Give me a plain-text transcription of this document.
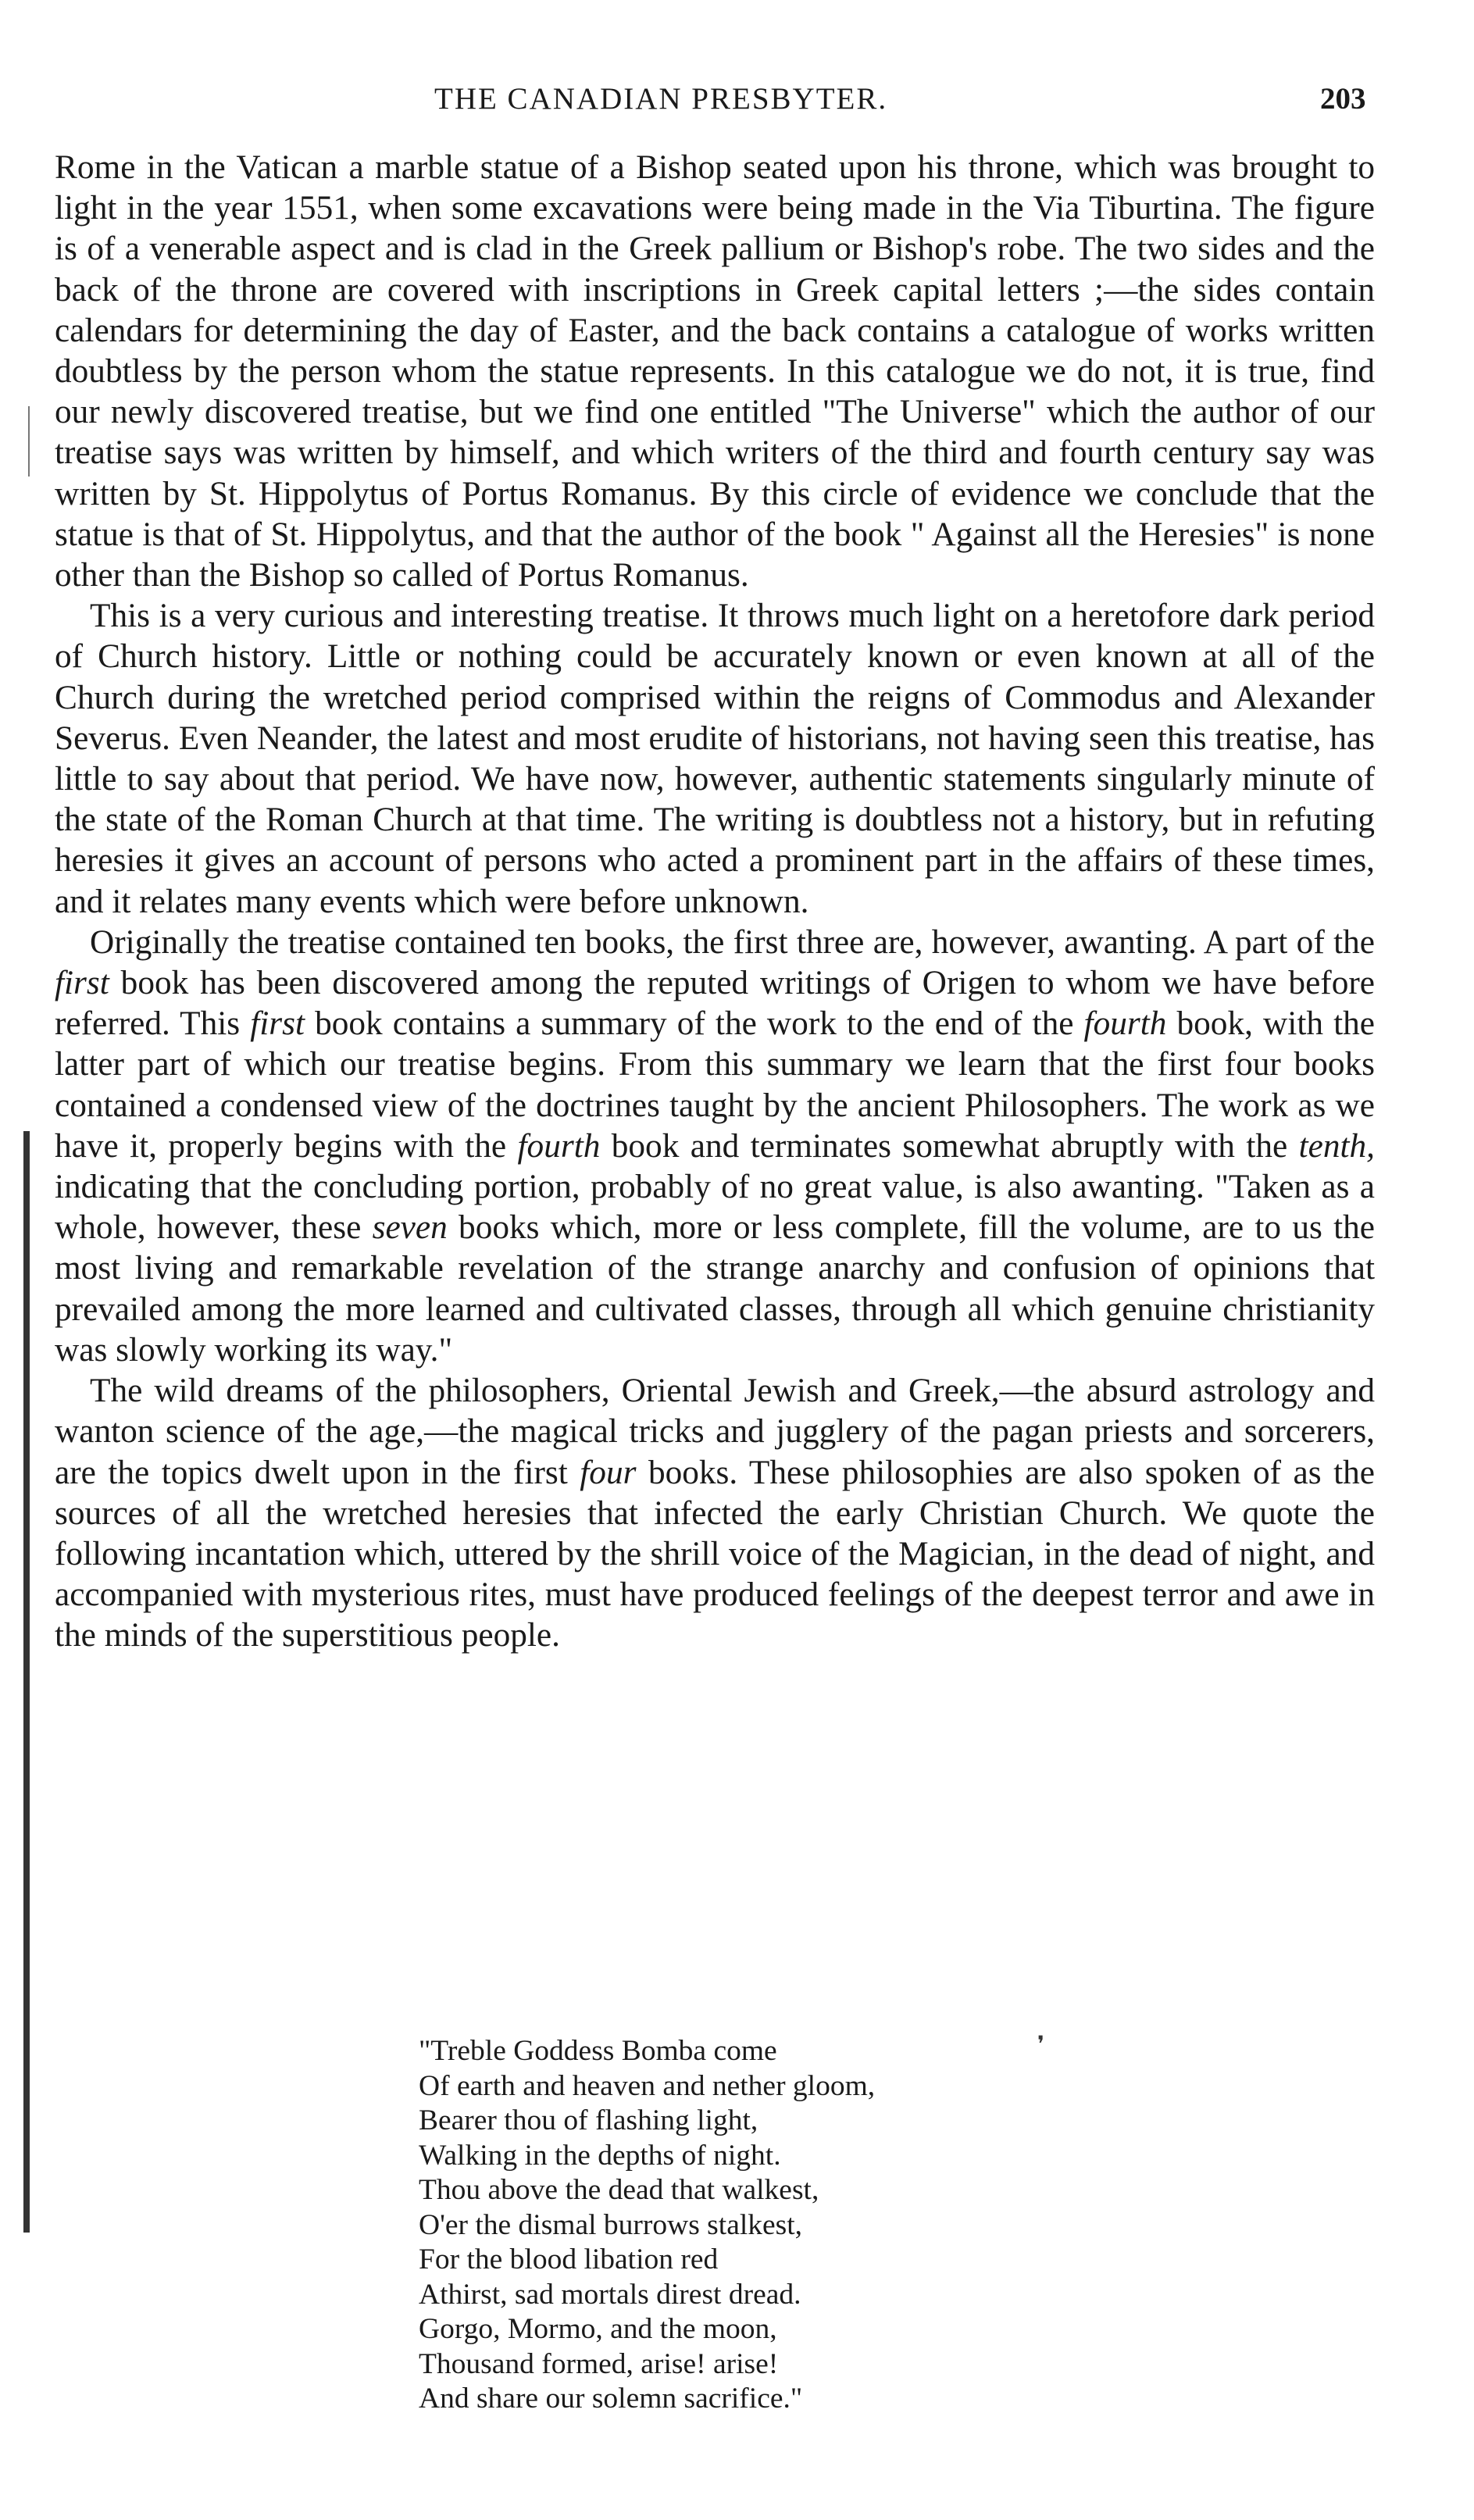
THE CANADIAN PRESBYTER.	203
❜

Rome in the Vatican a marble statue of a Bishop seated upon his throne, which was brought to light in the year 1551, when some excavations were being made in the Via Tiburtina. The figure is of a venerable aspect and is clad in the Greek pallium or Bishop's robe. The two sides and the back of the throne are covered with inscriptions in Greek capital letters ;—the sides contain calendars for determining the day of Easter, and the back contains a catalogue of works written doubtless by the person whom the statue represents. In this catalogue we do not, it is true, find our newly discovered treatise, but we find one entitled "The Universe" which the author of our treatise says was written by himself, and which writers of the third and fourth century say was written by St. Hippolytus of Portus Romanus. By this circle of evidence we conclude that the statue is that of St. Hippolytus, and that the author of the book " Against all the Heresies" is none other than the Bishop so called of Portus Romanus.

This is a very curious and interesting treatise. It throws much light on a heretofore dark period of Church history. Little or nothing could be accurately known or even known at all of the Church during the wretched period comprised within the reigns of Commodus and Alexander Severus. Even Neander, the latest and most erudite of historians, not having seen this treatise, has little to say about that period. We have now, however, authentic statements singularly minute of the state of the Roman Church at that time. The writing is doubtless not a history, but in refuting heresies it gives an account of persons who acted a prominent part in the affairs of these times, and it relates many events which were before unknown.

Originally the treatise contained ten books, the first three are, however, awanting. A part of the first book has been discovered among the reputed writings of Origen to whom we have before referred. This first book contains a summary of the work to the end of the fourth book, with the latter part of which our treatise begins. From this summary we learn that the first four books contained a condensed view of the doctrines taught by the ancient Philosophers. The work as we have it, properly begins with the fourth book and terminates somewhat abruptly with the tenth, indicating that the concluding portion, probably of no great value, is also awanting. "Taken as a whole, however, these seven books which, more or less complete, fill the volume, are to us the most living and remarkable revelation of the strange anarchy and confusion of opinions that prevailed among the more learned and cultivated classes, through all which genuine christianity was slowly working its way."

The wild dreams of the philosophers, Oriental Jewish and Greek,—the absurd astrology and wanton science of the age,—the magical tricks and jugglery of the pagan priests and sorcerers, are the topics dwelt upon in the first four books. These philosophies are also spoken of as the sources of all the wretched heresies that infected the early Christian Church. We quote the following incantation which, uttered by the shrill voice of the Magician, in the dead of night, and accompanied with mysterious rites, must have produced feelings of the deepest terror and awe in the minds of the superstitious people.

"Treble Goddess Bomba come
Of earth and heaven and nether gloom,
Bearer thou of flashing light,
Walking in the depths of night.
Thou above the dead that walkest,
O'er the dismal burrows stalkest,
For the blood libation red
Athirst, sad mortals direst dread.
Gorgo, Mormo, and the moon,
Thousand formed, arise! arise!
And share our solemn sacrifice."
